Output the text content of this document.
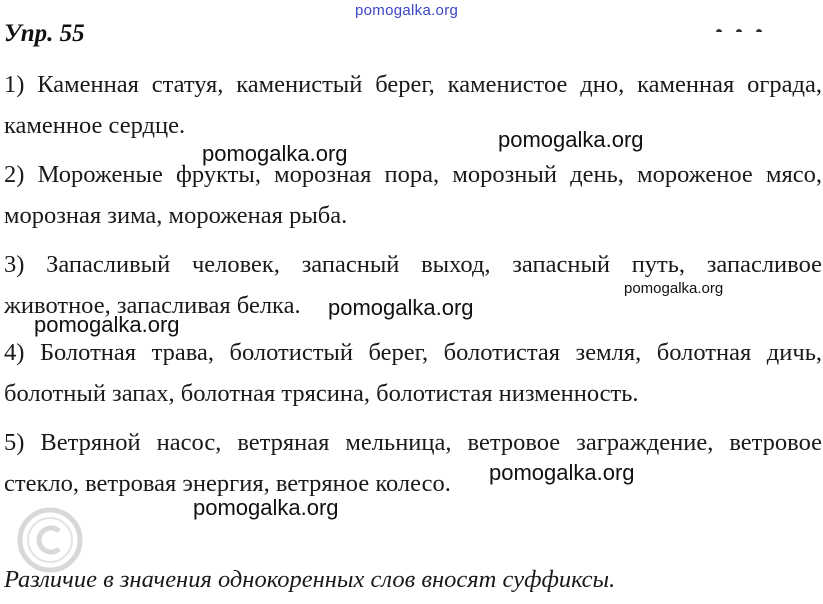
pomogalka.org
Упр. 55

1) Каменная статуя, каменистый берег, каменистое дно, каменная ограда, каменное сердце.

2) Мороженые фрукты, морозная пора, морозный день, мороженое мясо, морозная зима, мороженая рыба.

3) Запасливый человек, запасный выход, запасный путь, запасливое животное, запасливая белка.

4) Болотная трава, болотистый берег, болотистая земля, болотная дичь, болотный запах, болотная трясина, болотистая низменность.

5) Ветряной насос, ветряная мельница, ветровое заграждение, ветровое стекло, ветровая энергия, ветряное колесо.

Различие в значения однокоренных слов вносят суффиксы.

pomogalka.org
pomogalka.org
pomogalka.org
pomogalka.org
pomogalka.org
pomogalka.org
pomogalka.org
